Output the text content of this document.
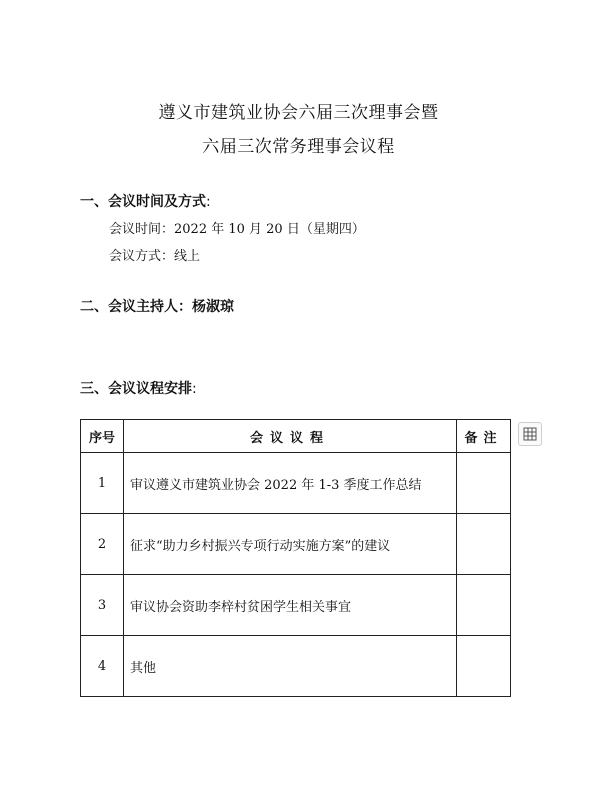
遵义市建筑业协会六届三次理事会暨
六届三次常务理事会议程
一、会议时间及方式:
会议时间：2022 年 10 月 20 日（星期四）
会议方式：线上
二、会议主持人：杨淑琼
三、会议议程安排:
序号	会议议程	备注
1	审议遵义市建筑业协会 2022 年 1-3 季度工作总结	
2	征求“助力乡村振兴专项行动实施方案”的建议	
3	审议协会资助李梓村贫困学生相关事宜	
4	其他	
